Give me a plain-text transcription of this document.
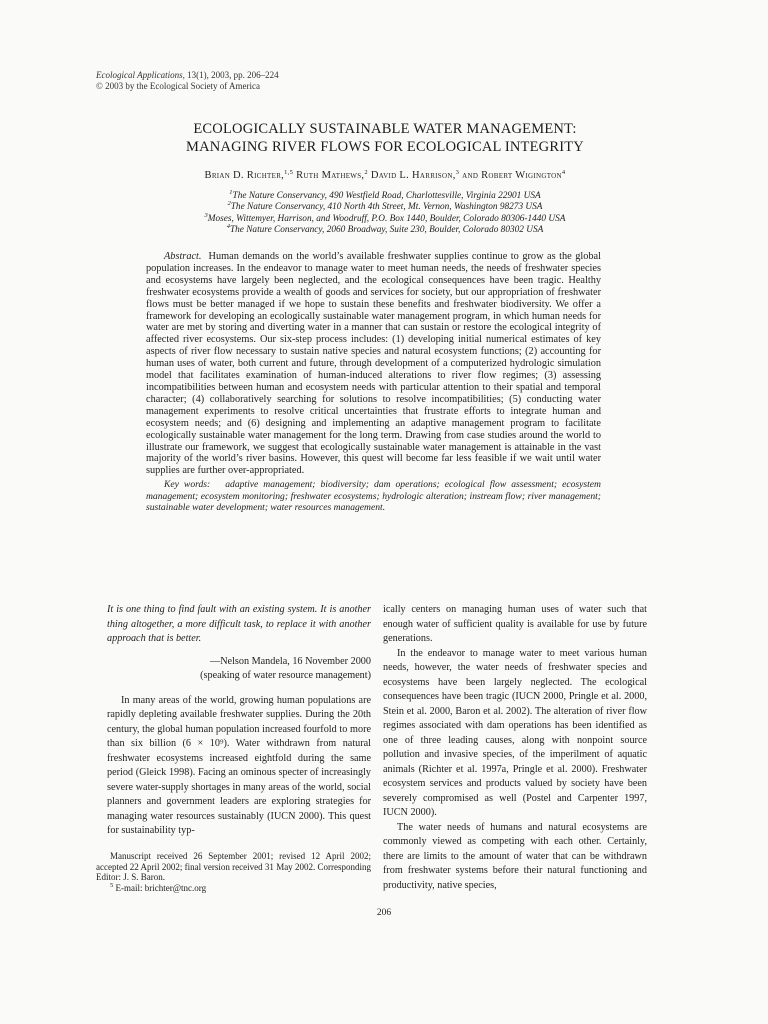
Ecological Applications, 13(1), 2003, pp. 206–224
© 2003 by the Ecological Society of America
ECOLOGICALLY SUSTAINABLE WATER MANAGEMENT:
MANAGING RIVER FLOWS FOR ECOLOGICAL INTEGRITY
Brian D. Richter,$^{1,5}$ Ruth Mathews,$^2$ David L. Harrison,$^3$ and Robert Wigington$^4$
$^1$The Nature Conservancy, 490 Westfield Road, Charlottesville, Virginia 22901 USA
$^2$The Nature Conservancy, 410 North 4th Street, Mt. Vernon, Washington 98273 USA
$^3$Moses, Wittemyer, Harrison, and Woodruff, P.O. Box 1440, Boulder, Colorado 80306-1440 USA
$^4$The Nature Conservancy, 2060 Broadway, Suite 230, Boulder, Colorado 80302 USA

Abstract. Human demands on the world’s available freshwater supplies continue to grow as the global population increases. In the endeavor to manage water to meet human needs, the needs of freshwater species and ecosystems have largely been neglected, and the ecological consequences have been tragic. Healthy freshwater ecosystems provide a wealth of goods and services for society, but our appropriation of freshwater flows must be better managed if we hope to sustain these benefits and freshwater biodiversity. We offer a framework for developing an ecologically sustainable water management program, in which human needs for water are met by storing and diverting water in a manner that can sustain or restore the ecological integrity of affected river ecosystems. Our six-step process includes: (1) developing initial numerical estimates of key aspects of river flow necessary to sustain native species and natural ecosystem functions; (2) accounting for human uses of water, both current and future, through development of a computerized hydrologic simulation model that facilitates examination of human-induced alterations to river flow regimes; (3) assessing incompatibilities between human and ecosystem needs with particular attention to their spatial and temporal character; (4) collaboratively searching for solutions to resolve incompatibilities; (5) conducting water management experiments to resolve critical uncertainties that frustrate efforts to integrate human and ecosystem needs; and (6) designing and implementing an adaptive management program to facilitate ecologically sustainable water management for the long term. Drawing from case studies around the world to illustrate our framework, we suggest that ecologically sustainable water management is attainable in the vast majority of the world’s river basins. However, this quest will become far less feasible if we wait until water supplies are further over-appropriated.

Key words: adaptive management; biodiversity; dam operations; ecological flow assessment; ecosystem management; ecosystem monitoring; freshwater ecosystems; hydrologic alteration; instream flow; river management; sustainable water development; water resources management.

It is one thing to find fault with an existing system. It is another thing altogether, a more difficult task, to replace it with another approach that is better.

—Nelson Mandela, 16 November 2000
(speaking of water resource management)

In many areas of the world, growing human populations are rapidly depleting available freshwater supplies. During the 20th century, the global human population increased fourfold to more than six billion (6 × 10⁹). Water withdrawn from natural freshwater ecosystems increased eightfold during the same period (Gleick 1998). Facing an ominous specter of increasingly severe water-supply shortages in many areas of the world, social planners and government leaders are exploring strategies for managing water resources sustainably (IUCN 2000). This quest for sustainability typ-

ically centers on managing human uses of water such that enough water of sufficient quality is available for use by future generations.

In the endeavor to manage water to meet various human needs, however, the water needs of freshwater species and ecosystems have been largely neglected. The ecological consequences have been tragic (IUCN 2000, Pringle et al. 2000, Stein et al. 2000, Baron et al. 2002). The alteration of river flow regimes associated with dam operations has been identified as one of three leading causes, along with nonpoint source pollution and invasive species, of the imperilment of aquatic animals (Richter et al. 1997a, Pringle et al. 2000). Freshwater ecosystem services and products valued by society have been severely compromised as well (Postel and Carpenter 1997, IUCN 2000).

The water needs of humans and natural ecosystems are commonly viewed as competing with each other. Certainly, there are limits to the amount of water that can be withdrawn from freshwater systems before their natural functioning and productivity, native species,

Manuscript received 26 September 2001; revised 12 April 2002; accepted 22 April 2002; final version received 31 May 2002. Corresponding Editor: J. S. Baron.

$^5$ E-mail: brichter@tnc.org

206
